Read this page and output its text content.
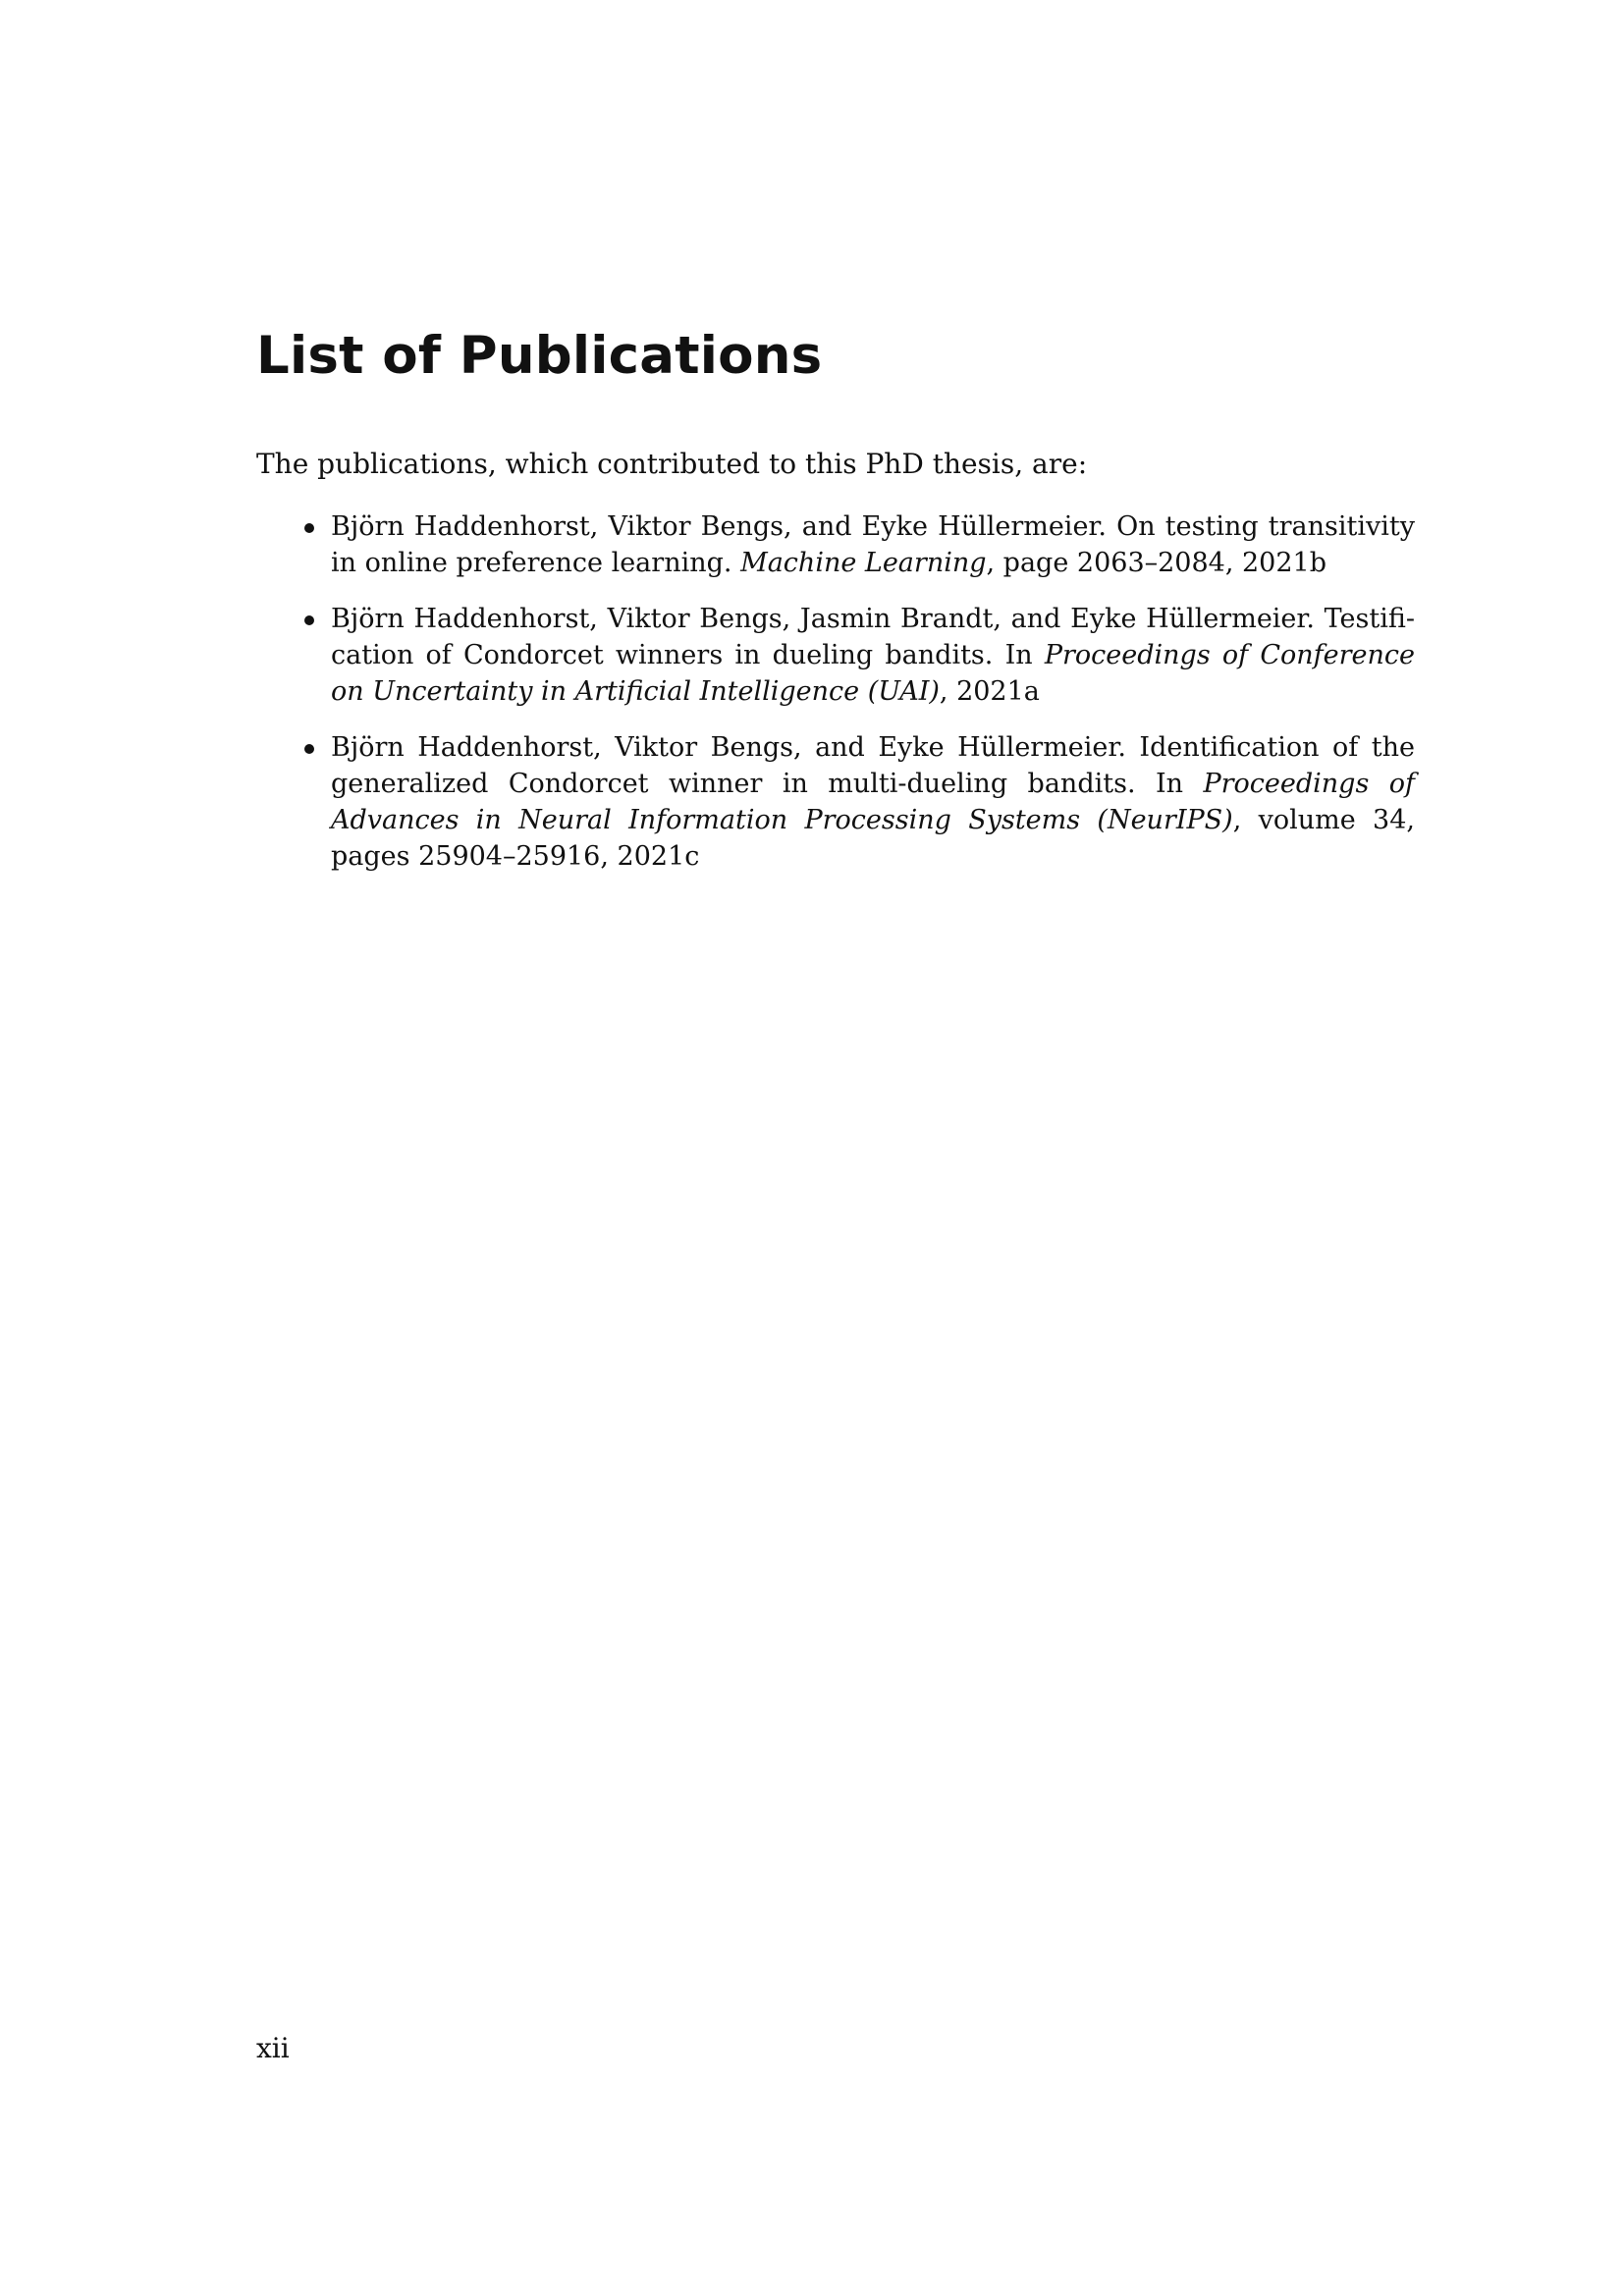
List of Publications

The publications, which contributed to this PhD thesis, are:

Björn Haddenhorst, Viktor Bengs, and Eyke Hüllermeier. On testing transitivity in online preference learning. Machine Learning, page 2063–2084, 2021b
Björn Haddenhorst, Viktor Bengs, Jasmin Brandt, and Eyke Hüllermeier. Testification of Condorcet winners in dueling bandits. In Proceedings of Conference on Uncertainty in Artificial Intelligence (UAI), 2021a
Björn Haddenhorst, Viktor Bengs, and Eyke Hüllermeier. Identification of the generalized Condorcet winner in multi-dueling bandits. In Proceedings of Advances in Neural Information Processing Systems (NeurIPS), volume 34, pages 25904–25916, 2021c

xii
